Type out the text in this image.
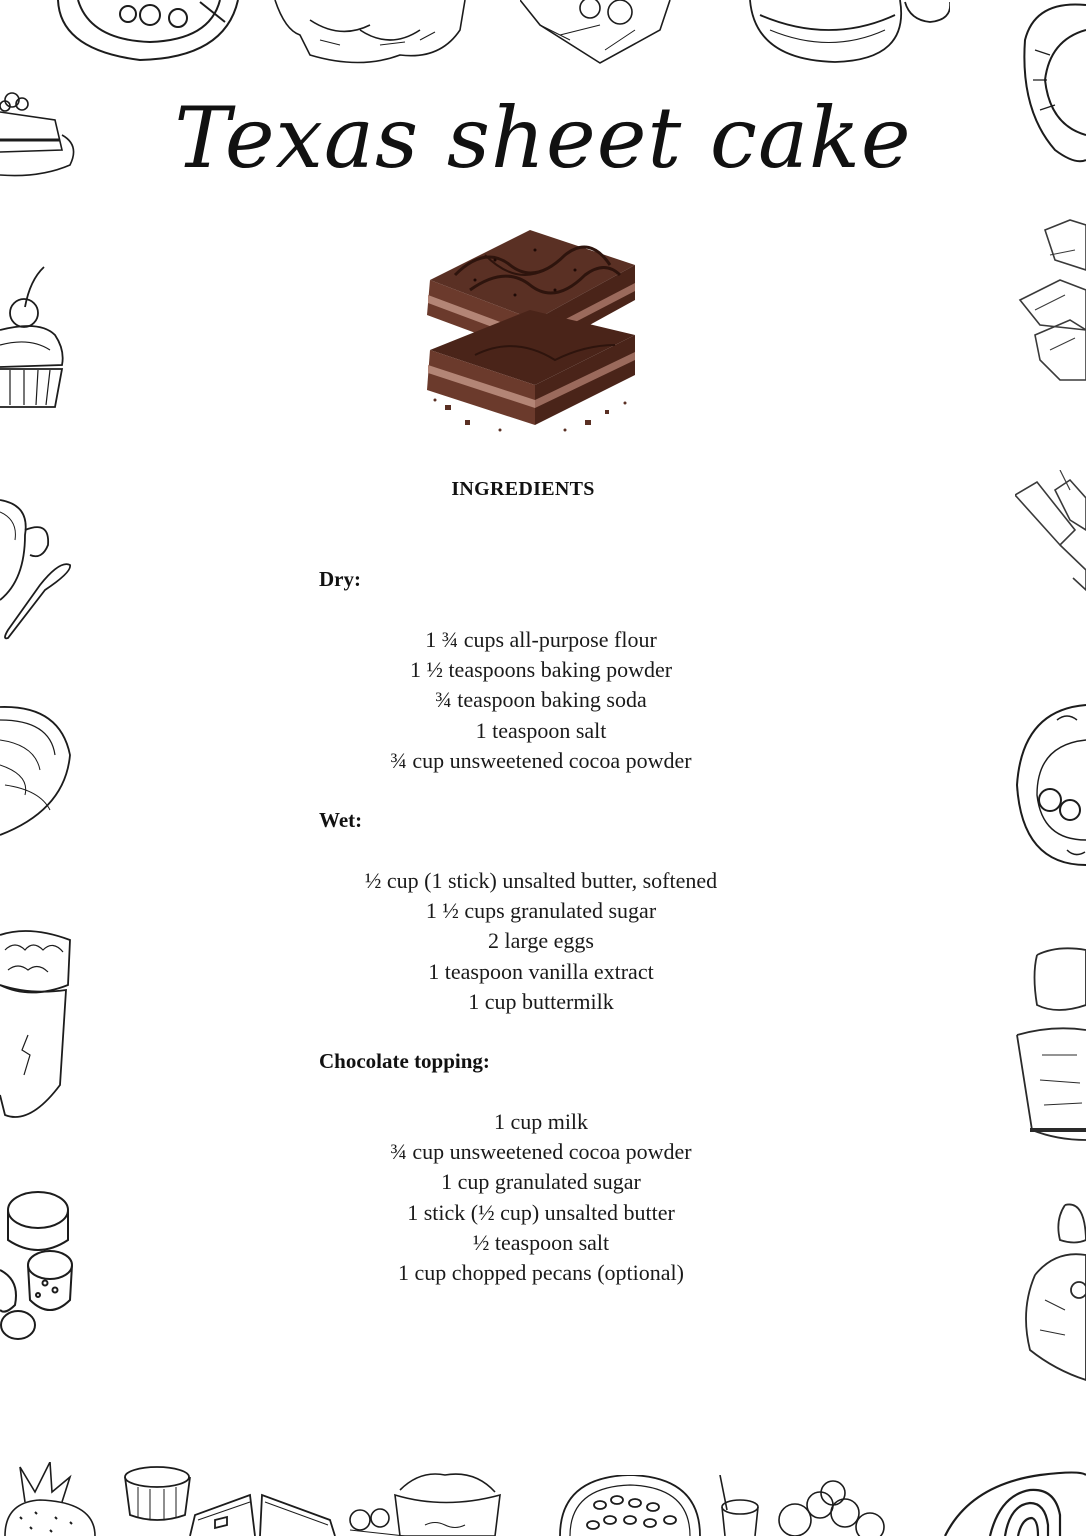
Texas sheet cake
INGREDIENTS
Dry:
1 ¾ cups all-purpose flour
1 ½ teaspoons baking powder
¾ teaspoon baking soda
1 teaspoon salt
¾ cup unsweetened cocoa powder
Wet:
½ cup (1 stick) unsalted butter, softened
1 ½ cups granulated sugar
2 large eggs
1 teaspoon vanilla extract
1 cup buttermilk
Chocolate topping:
1 cup milk
¾ cup unsweetened cocoa powder
1 cup granulated sugar
1 stick (½ cup) unsalted butter
½ teaspoon salt
1 cup chopped pecans (optional)
